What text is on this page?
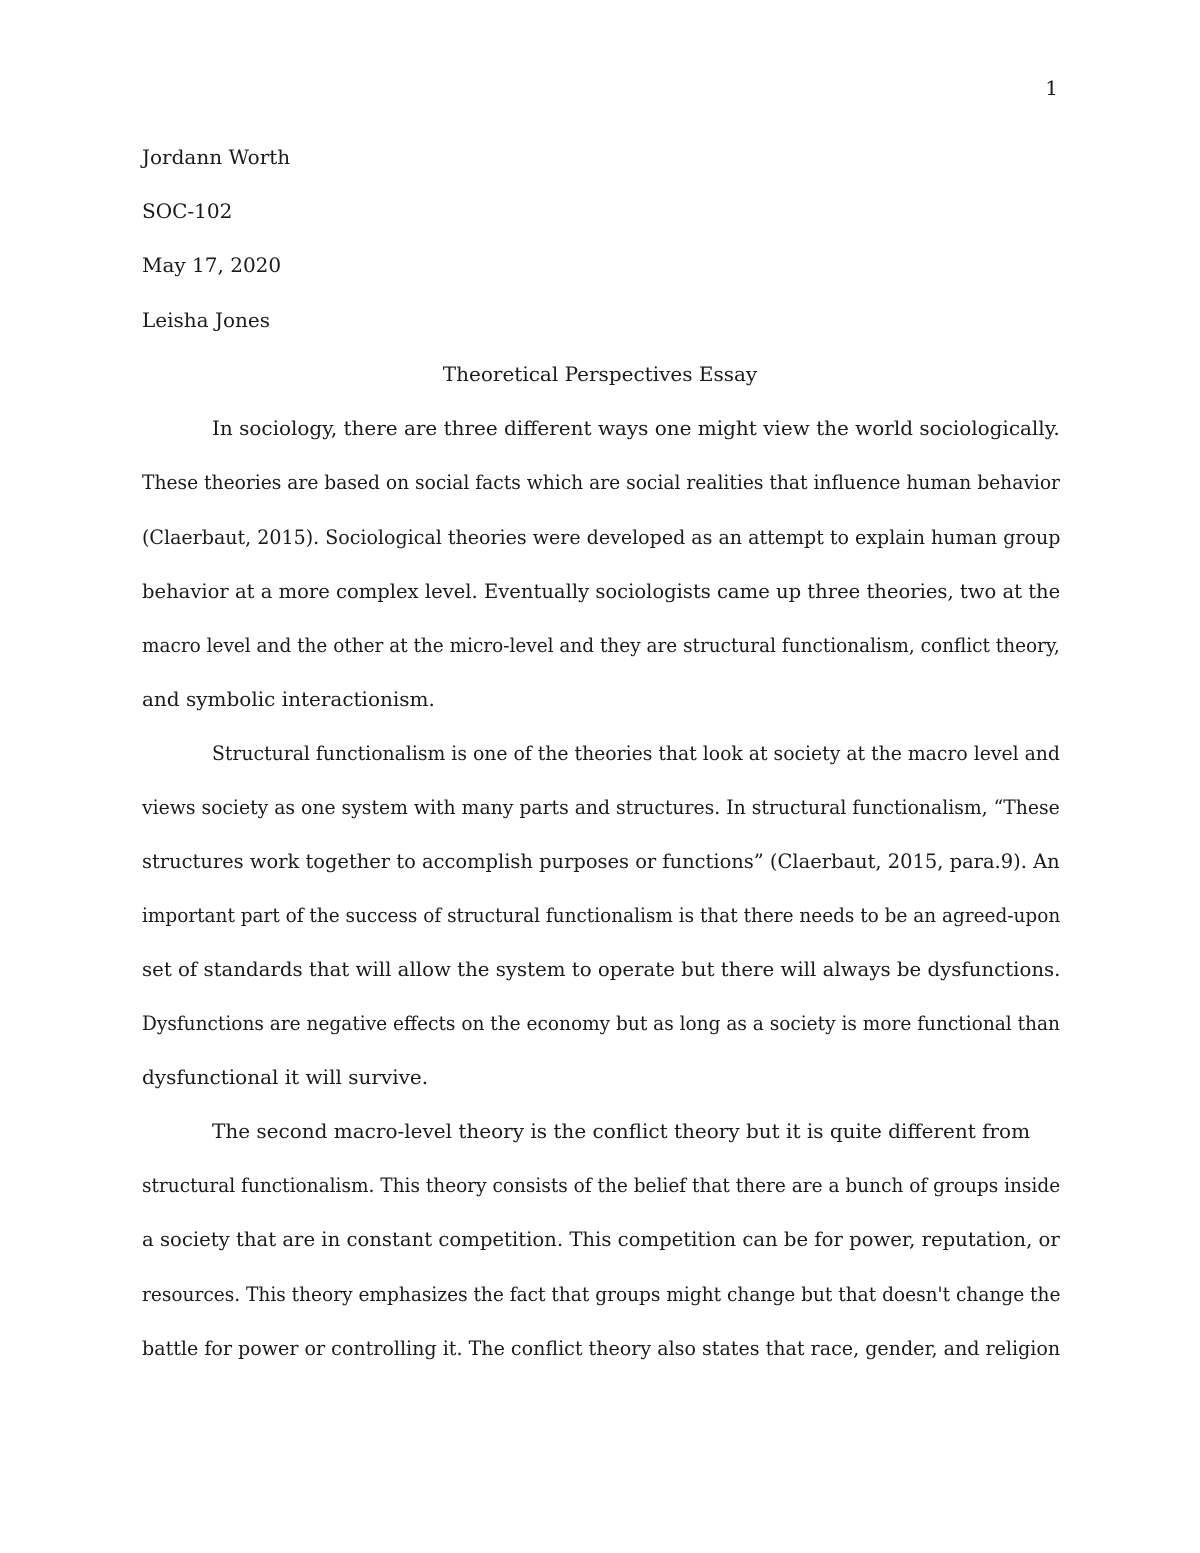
1

Jordann Worth

SOC-102

May 17, 2020

Leisha Jones

Theoretical Perspectives Essay

In sociology, there are three different ways one might view the world sociologically.

These theories are based on social facts which are social realities that influence human behavior

(Claerbaut, 2015). Sociological theories were developed as an attempt to explain human group

behavior at a more complex level. Eventually sociologists came up three theories, two at the

macro level and the other at the micro-level and they are structural functionalism, conflict theory,

and symbolic interactionism.

Structural functionalism is one of the theories that look at society at the macro level and

views society as one system with many parts and structures. In structural functionalism, “These

structures work together to accomplish purposes or functions” (Claerbaut, 2015, para.9). An

important part of the success of structural functionalism is that there needs to be an agreed-upon

set of standards that will allow the system to operate but there will always be dysfunctions.

Dysfunctions are negative effects on the economy but as long as a society is more functional than

dysfunctional it will survive.

The second macro-level theory is the conflict theory but it is quite different from

structural functionalism. This theory consists of the belief that there are a bunch of groups inside

a society that are in constant competition. This competition can be for power, reputation, or

resources. This theory emphasizes the fact that groups might change but that doesn't change the

battle for power or controlling it. The conflict theory also states that race, gender, and religion
